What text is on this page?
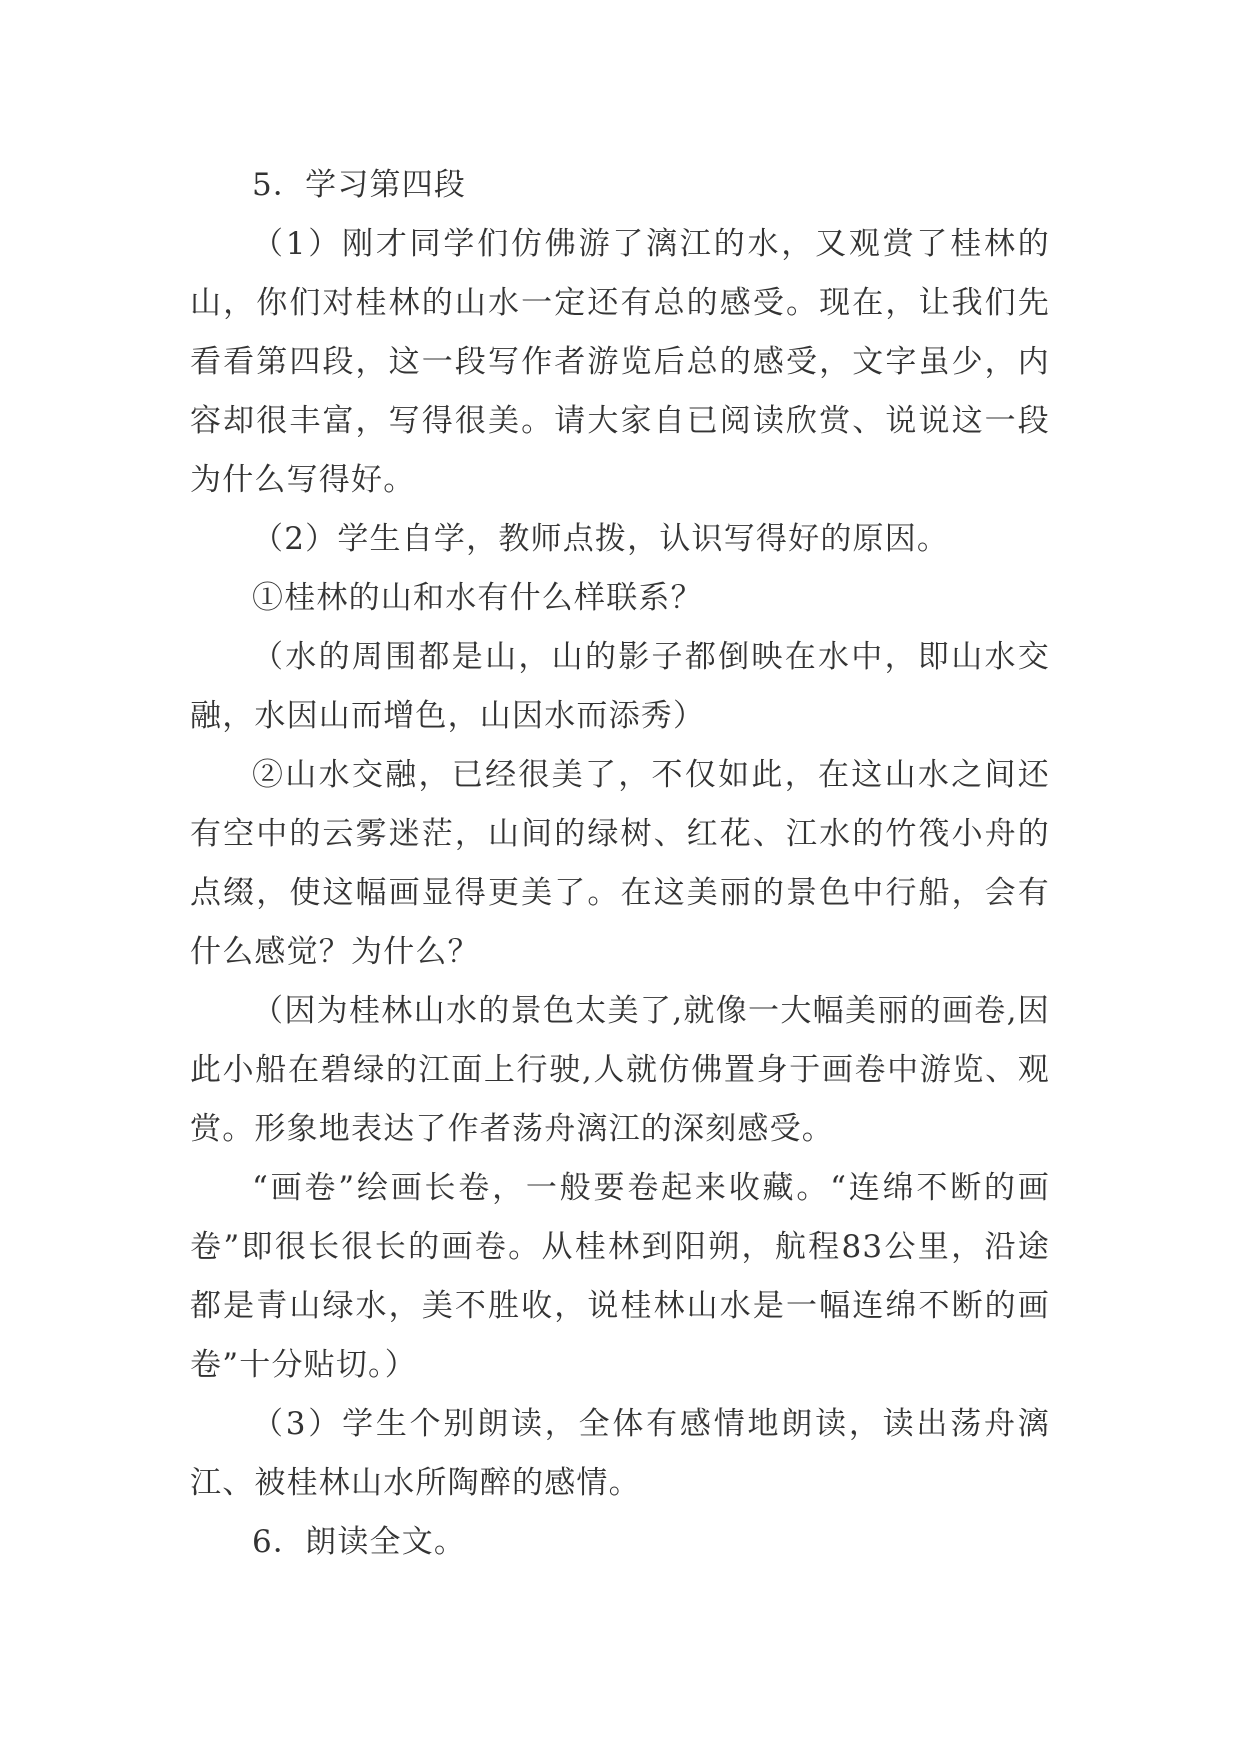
5．学习第四段

（1）刚才同学们仿佛游了漓江的水，又观赏了桂林的山，你们对桂林的山水一定还有总的感受。现在，让我们先看看第四段，这一段写作者游览后总的感受，文字虽少，内容却很丰富，写得很美。请大家自已阅读欣赏、说说这一段为什么写得好。

（2）学生自学，教师点拨，认识写得好的原因。

①桂林的山和水有什么样联系？

（水的周围都是山，山的影子都倒映在水中，即山水交融，水因山而增色，山因水而添秀）

②山水交融，已经很美了，不仅如此，在这山水之间还有空中的云雾迷茫，山间的绿树、红花、江水的竹筏小舟的点缀，使这幅画显得更美了。在这美丽的景色中行船，会有什么感觉？为什么？

（因为桂林山水的景色太美了,就像一大幅美丽的画卷,因此小船在碧绿的江面上行驶,人就仿佛置身于画卷中游览、观赏。形象地表达了作者荡舟漓江的深刻感受。

“画卷”绘画长卷，一般要卷起来收藏。“连绵不断的画卷”即很长很长的画卷。从桂林到阳朔，航程83公里，沿途都是青山绿水，美不胜收，说桂林山水是一幅连绵不断的画卷”十分贴切。）

（3）学生个别朗读，全体有感情地朗读，读出荡舟漓江、被桂林山水所陶醉的感情。

6．朗读全文。
